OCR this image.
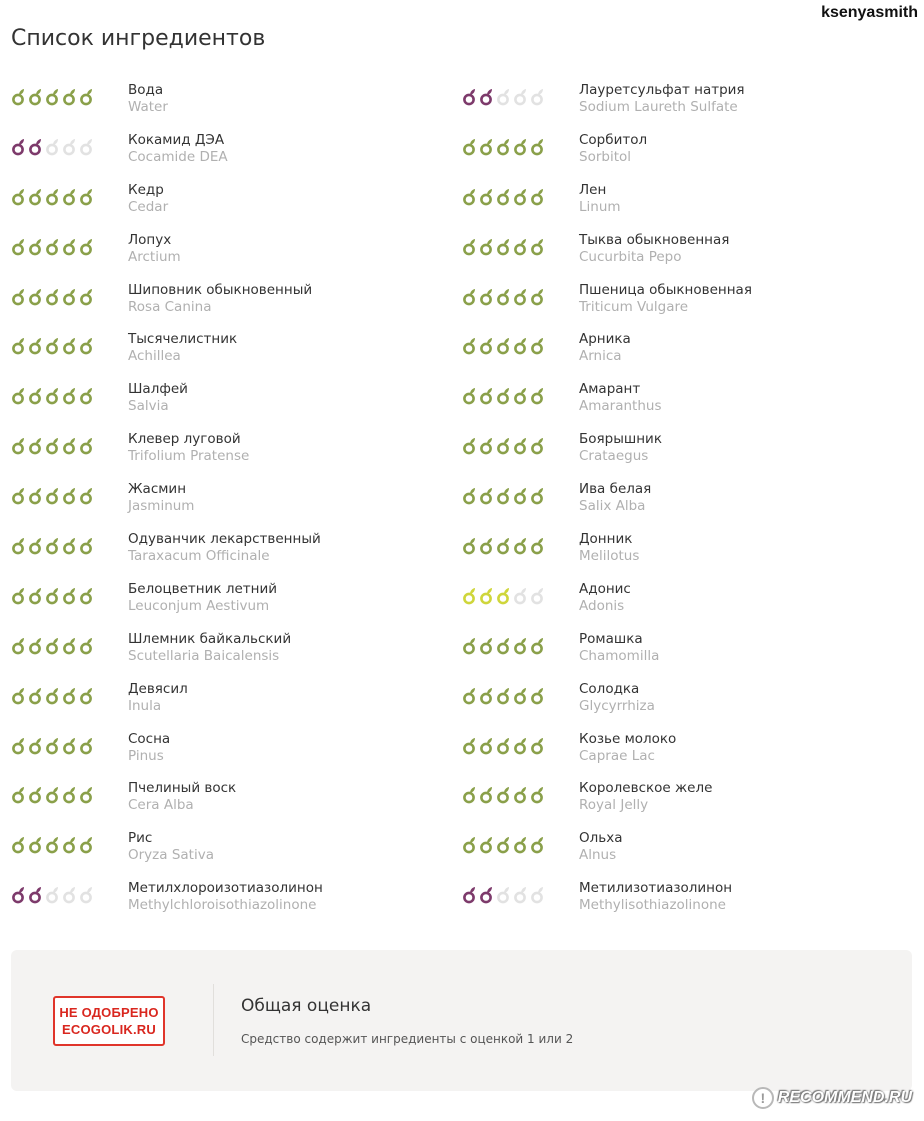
ksenyasmith
Список ингредиентов
Вода
Water
Кокамид ДЭА
Cocamide DEA
Кедр
Cedar
Лопух
Arctium
Шиповник обыкновенный
Rosa Canina
Тысячелистник
Achillea
Шалфей
Salvia
Клевер луговой
Trifolium Pratense
Жасмин
Jasminum
Одуванчик лекарственный
Taraxacum Officinale
Белоцветник летний
Leuconjum Aestivum
Шлемник байкальский
Scutellaria Baicalensis
Девясил
Inula
Сосна
Pinus
Пчелиный воск
Cera Alba
Рис
Oryza Sativa
Метилхлороизотиазолинон
Methylchloroisothiazolinone
Лауретсульфат натрия
Sodium Laureth Sulfate
Сорбитол
Sorbitol
Лен
Linum
Тыква обыкновенная
Cucurbita Pepo
Пшеница обыкновенная
Triticum Vulgare
Арника
Arnica
Амарант
Amaranthus
Боярышник
Crataegus
Ива белая
Salix Alba
Донник
Melilotus
Адонис
Adonis
Ромашка
Chamomilla
Солодка
Glycyrrhiza
Козье молоко
Caprae Lac
Королевское желе
Royal Jelly
Ольха
Alnus
Метилизотиазолинон
Methylisothiazolinone
НЕ ОДОБРЕНО
ECOGOLIK.RU
Общая оценка
Средство содержит ингредиенты с оценкой 1 или 2
! RECOMMEND.RU
